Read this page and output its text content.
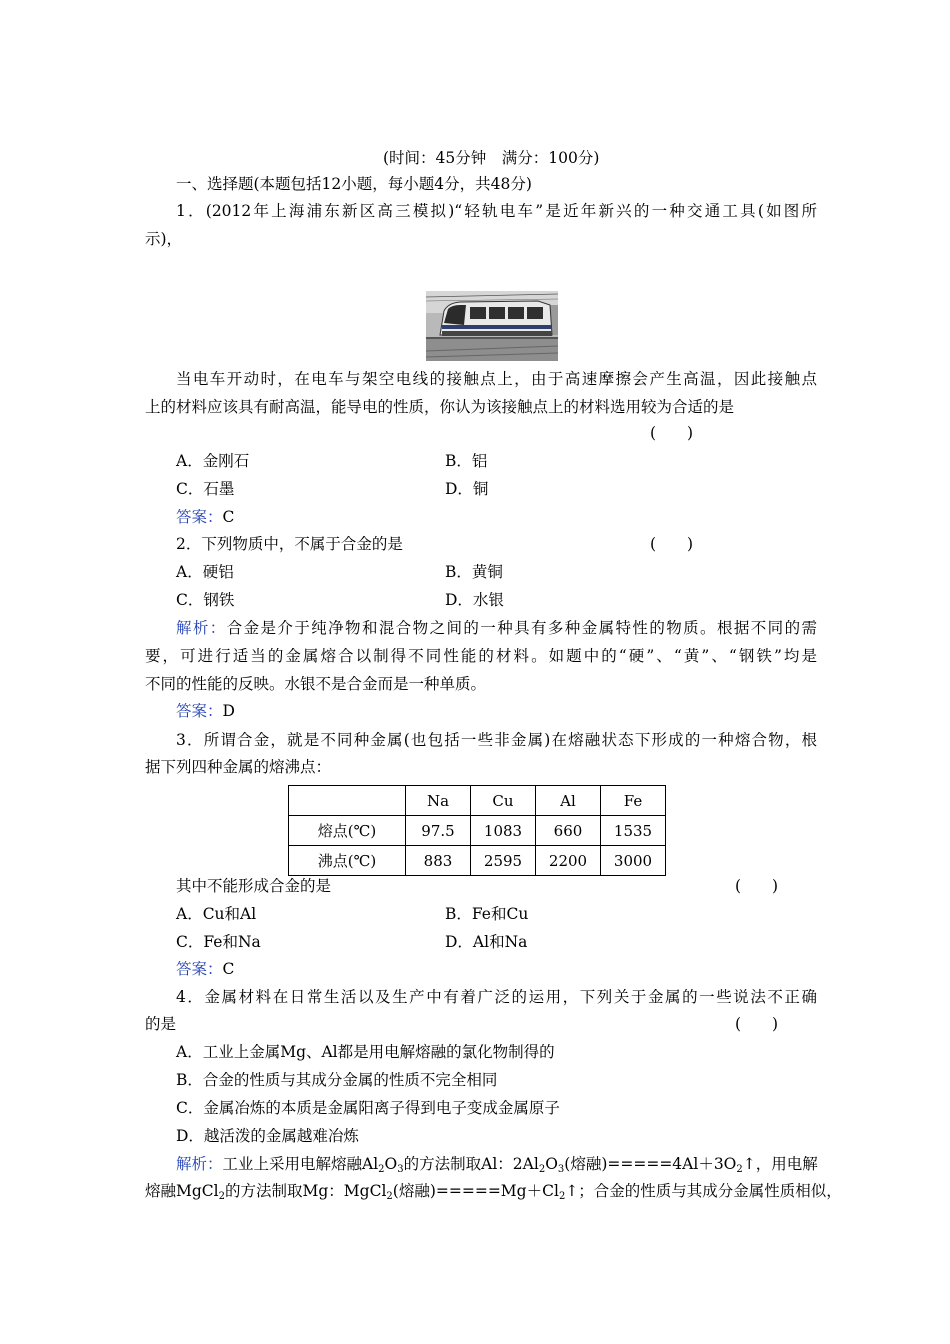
(时间：45分钟　满分：100分)
一、选择题(本题包括12小题，每小题4分，共48分)
1．(2012年上海浦东新区高三模拟)“轻轨电车”是近年新兴的一种交通工具(如图所
示)，
当电车开动时，在电车与架空电线的接触点上，由于高速摩擦会产生高温，因此接触点
上的材料应该具有耐高温，能导电的性质，你认为该接触点上的材料选用较为合适的是
(　　)
A．金刚石	B．铝
C．石墨	D．铜
答案：C
2．下列物质中，不属于合金的是	(　　)
A．硬铝	B．黄铜
C．钢铁	D．水银
解析：合金是介于纯净物和混合物之间的一种具有多种金属特性的物质。根据不同的需
要，可进行适当的金属熔合以制得不同性能的材料。如题中的“硬”、“黄”、“钢铁”均是
不同的性能的反映。水银不是合金而是一种单质。
答案：D
3．所谓合金，就是不同种金属(也包括一些非金属)在熔融状态下形成的一种熔合物，根
据下列四种金属的熔沸点：
	Na	Cu	Al	Fe
熔点(℃)	97.5	1083	660	1535
沸点(℃)	883	2595	2200	3000
其中不能形成合金的是	(　　)
A．Cu和Al	B．Fe和Cu
C．Fe和Na	D．Al和Na
答案：C
4．金属材料在日常生活以及生产中有着广泛的运用，下列关于金属的一些说法不正确
的是	(　　)
A．工业上金属Mg、Al都是用电解熔融的氯化物制得的
B．合金的性质与其成分金属的性质不完全相同
C．金属冶炼的本质是金属阳离子得到电子变成金属原子
D．越活泼的金属越难冶炼
解析：工业上采用电解熔融$Al_2O_3$的方法制取Al：$2Al_2O_3$(熔融)$=====4Al+3O_2↑$，用电解
熔融MgCl$_2$的方法制取Mg：MgCl$_2$(熔融)$=====Mg+Cl_2↑$；合金的性质与其成分金属性质相似，
